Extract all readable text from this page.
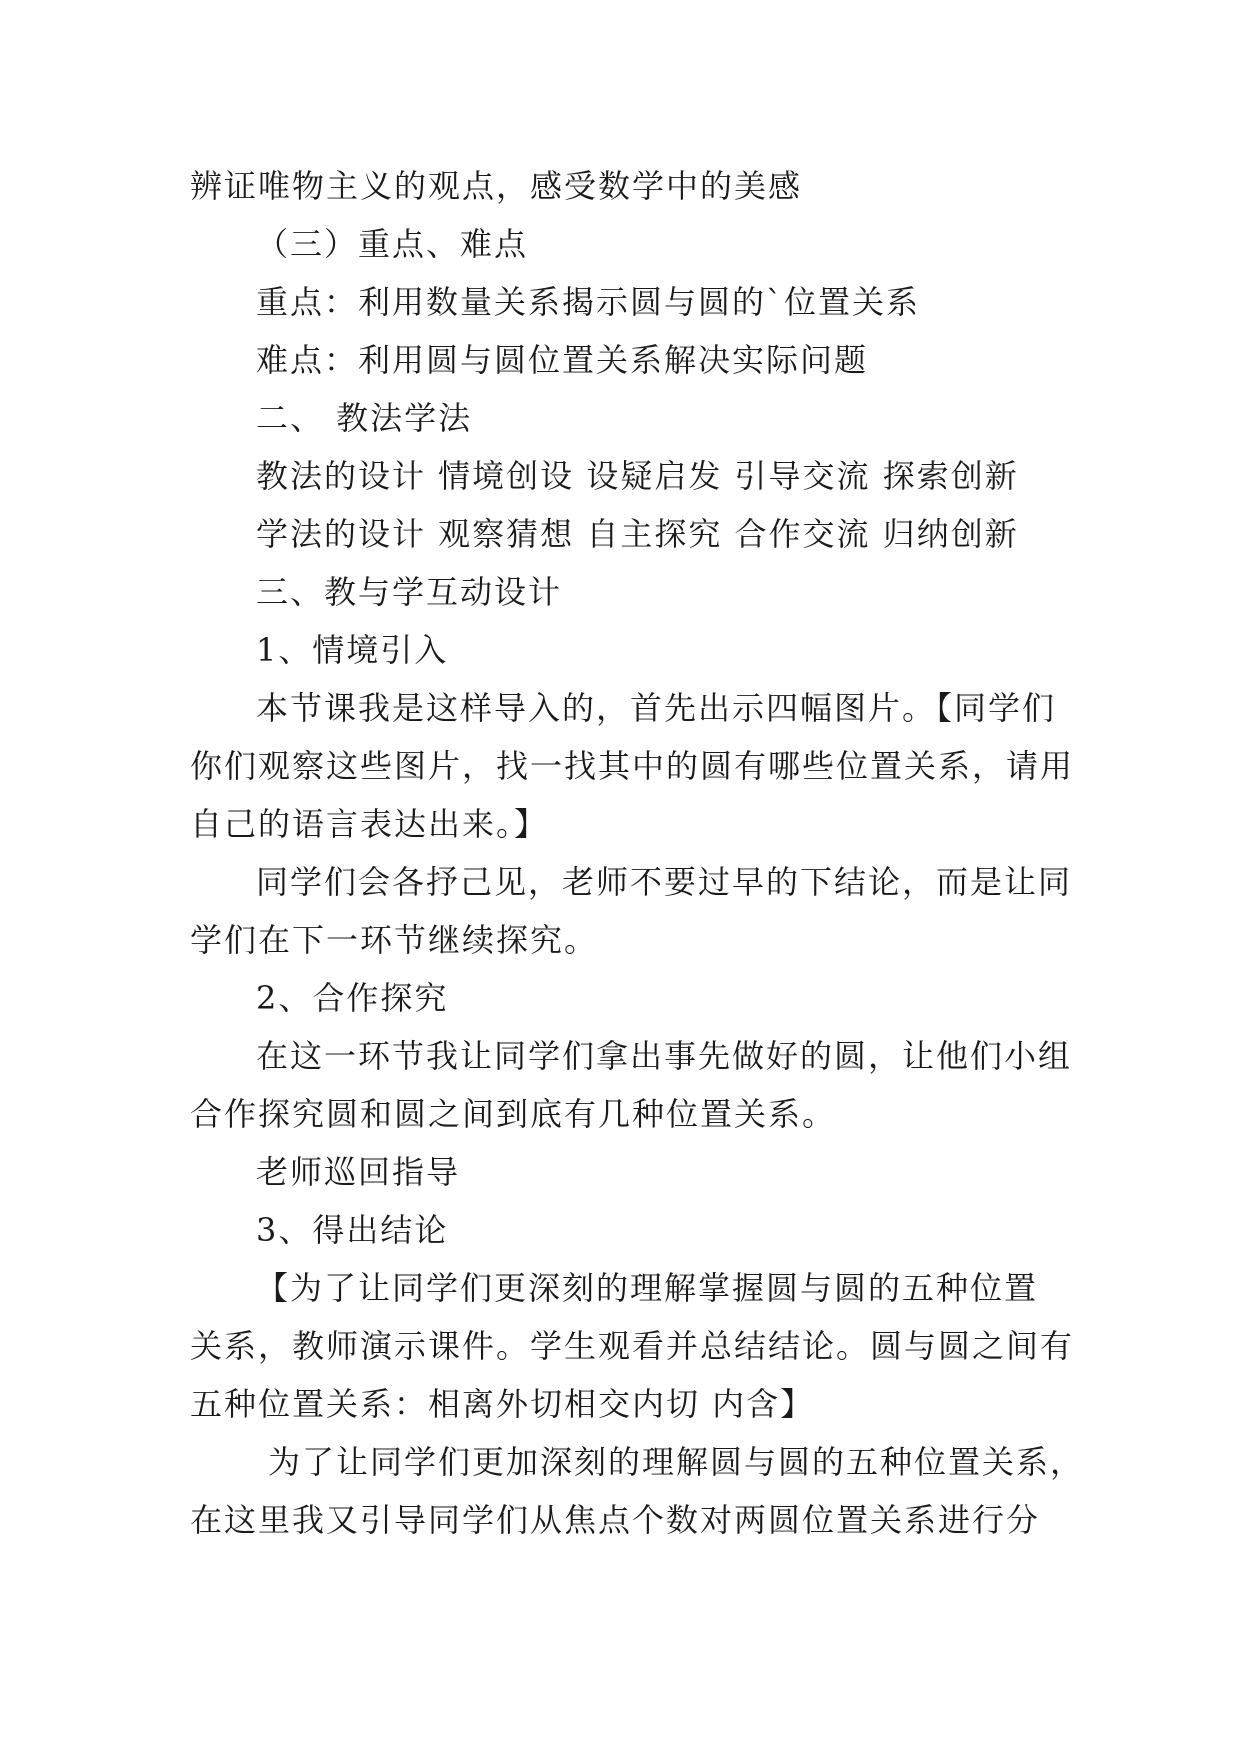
辨证唯物主义的观点，感受数学中的美感
（三）重点、难点
重点：利用数量关系揭示圆与圆的`位置关系
难点：利用圆与圆位置关系解决实际问题
二、 教法学法
教法的设计 情境创设 设疑启发 引导交流 探索创新
学法的设计 观察猜想 自主探究 合作交流 归纳创新
三、教与学互动设计
1、情境引入
本节课我是这样导入的，首先出示四幅图片。【同学们
你们观察这些图片，找一找其中的圆有哪些位置关系，请用
自己的语言表达出来。】
同学们会各抒己见，老师不要过早的下结论，而是让同
学们在下一环节继续探究。
2、合作探究
在这一环节我让同学们拿出事先做好的圆，让他们小组
合作探究圆和圆之间到底有几种位置关系。
老师巡回指导
3、得出结论
【为了让同学们更深刻的理解掌握圆与圆的五种位置
关系，教师演示课件。学生观看并总结结论。圆与圆之间有
五种位置关系：相离外切相交内切 内含】
为了让同学们更加深刻的理解圆与圆的五种位置关系，
在这里我又引导同学们从焦点个数对两圆位置关系进行分
